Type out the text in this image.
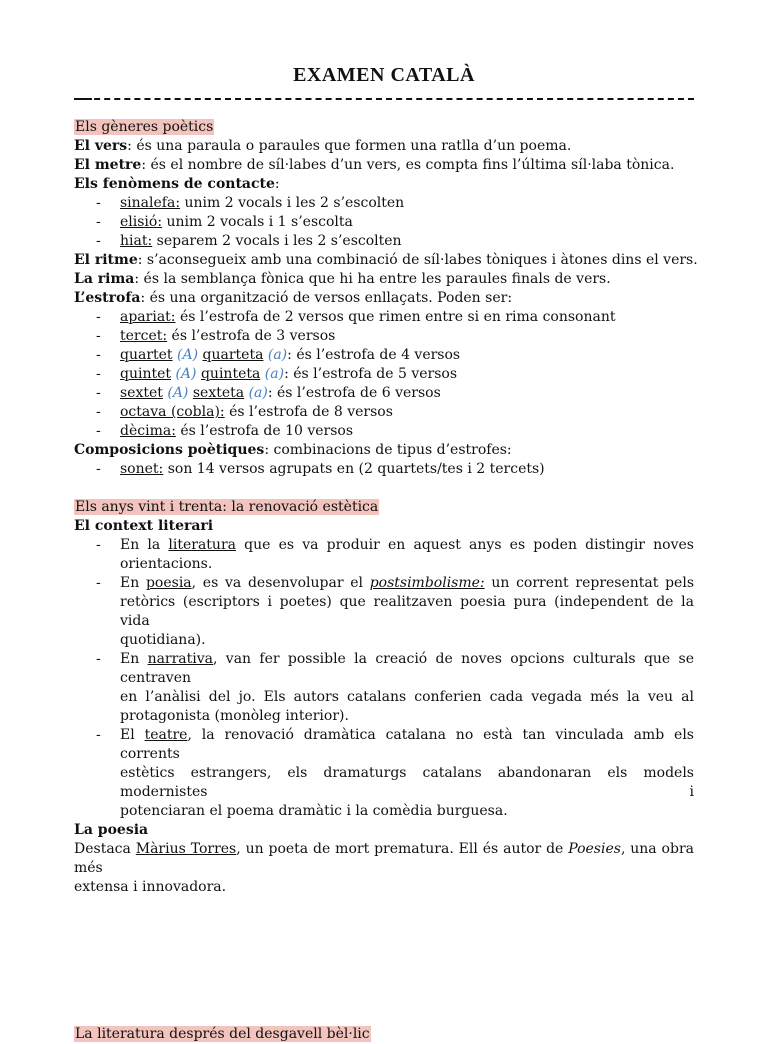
EXAMEN CATALÀ

Els gèneres poètics

El vers: és una paraula o paraules que formen una ratlla d’un poema.

El metre: és el nombre de síl·labes d’un vers, es compta fins l’última síl·laba tònica.

Els fenòmens de contacte:

- sinalefa: unim 2 vocals i les 2 s’escolten
- elisió: unim 2 vocals i 1 s’escolta
- hiat: separem 2 vocals i les 2 s’escolten

El ritme: s’aconsegueix amb una combinació de síl·labes tòniques i àtones dins el vers.

La rima: és la semblança fònica que hi ha entre les paraules finals de vers.

L’estrofa: és una organització de versos enllaçats. Poden ser:

- apariat: és l’estrofa de 2 versos que rimen entre si en rima consonant
- tercet: és l’estrofa de 3 versos
- quartet (A) quarteta (a): és l’estrofa de 4 versos
- quintet (A) quinteta (a): és l’estrofa de 5 versos
- sextet (A) sexteta (a): és l’estrofa de 6 versos
- octava (cobla): és l’estrofa de 8 versos
- dècima: és l’estrofa de 10 versos

Composicions poètiques: combinacions de tipus d’estrofes:

- sonet: son 14 versos agrupats en (2 quartets/tes i 2 tercets)

Els anys vint i trenta: la renovació estètica

El context literari

- En la literatura que es va produir en aquest anys es poden distingir noves
orientacions.
- En poesia, es va desenvolupar el postsimbolisme: un corrent representat pels
retòrics (escriptors i poetes) que realitzaven poesia pura (independent de la vida
quotidiana).
- En narrativa, van fer possible la creació de noves opcions culturals que se centraven
en l’anàlisi del jo. Els autors catalans conferien cada vegada més la veu al
protagonista (monòleg interior).
- El teatre, la renovació dramàtica catalana no està tan vinculada amb els corrents
estètics estrangers, els dramaturgs catalans abandonaran els models modernistes i
potenciaran el poema dramàtic i la comèdia burguesa.

La poesia

Destaca Màrius Torres, un poeta de mort prematura. Ell és autor de Poesies, una obra més
extensa i innovadora.

La literatura després del desgavell bèl·lic
